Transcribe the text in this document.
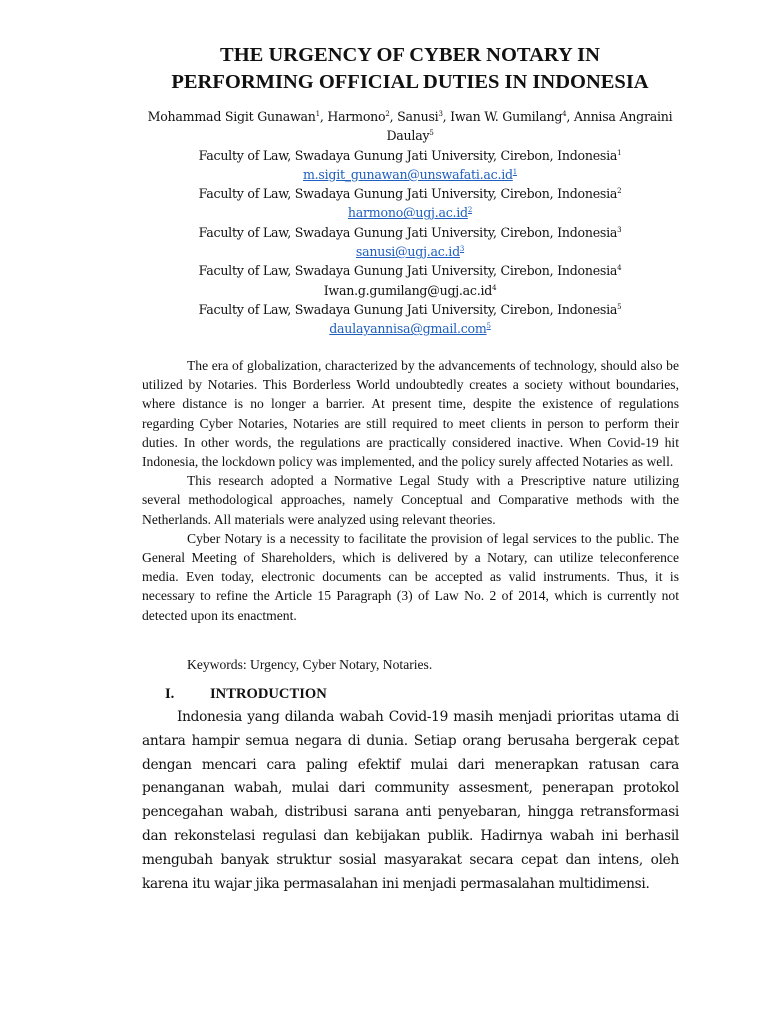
THE URGENCY OF CYBER NOTARY IN
PERFORMING OFFICIAL DUTIES IN INDONESIA
Mohammad Sigit Gunawan$^1$, Harmono$^2$, Sanusi$^3$, Iwan W. Gumilang$^4$, Annisa Angraini
Daulay$^5$
Faculty of Law, Swadaya Gunung Jati University, Cirebon, Indonesia$^1$
$m.sigit\_gunawan@unswafati.ac.id^1$
Faculty of Law, Swadaya Gunung Jati University, Cirebon, Indonesia$^2$
$harmono@ugj.ac.id^2$
Faculty of Law, Swadaya Gunung Jati University, Cirebon, Indonesia$^3$
$sanusi@ugj.ac.id^3$
Faculty of Law, Swadaya Gunung Jati University, Cirebon, Indonesia$^4$
$Iwan.g.gumilang@ugj.ac.id^4$
Faculty of Law, Swadaya Gunung Jati University, Cirebon, Indonesia$^5$
daulayannisa@gmail.com$^5$

The era of globalization, characterized by the advancements of technology, should also be utilized by Notaries. This Borderless World undoubtedly creates a society without boundaries, where distance is no longer a barrier. At present time, despite the existence of regulations regarding Cyber Notaries, Notaries are still required to meet clients in person to perform their duties. In other words, the regulations are practically considered inactive. When Covid-19 hit Indonesia, the lockdown policy was implemented, and the policy surely affected Notaries as well.

This research adopted a Normative Legal Study with a Prescriptive nature utilizing several methodological approaches, namely Conceptual and Comparative methods with the Netherlands. All materials were analyzed using relevant theories.

Cyber Notary is a necessity to facilitate the provision of legal services to the public. The General Meeting of Shareholders, which is delivered by a Notary, can utilize teleconference media. Even today, electronic documents can be accepted as valid instruments. Thus, it is necessary to refine the Article 15 Paragraph (3) of Law No. 2 of 2014, which is currently not detected upon its enactment.

Keywords: Urgency, Cyber Notary, Notaries.
I. INTRODUCTION

Indonesia yang dilanda wabah Covid-19 masih menjadi prioritas utama di antara hampir semua negara di dunia. Setiap orang berusaha bergerak cepat dengan mencari cara paling efektif mulai dari menerapkan ratusan cara penanganan wabah, mulai dari community assesment, penerapan protokol pencegahan wabah, distribusi sarana anti penyebaran, hingga retransformasi dan rekonstelasi regulasi dan kebijakan publik. Hadirnya wabah ini berhasil mengubah banyak struktur sosial masyarakat secara cepat dan intens, oleh karena itu wajar jika permasalahan ini menjadi permasalahan multidimensi.
